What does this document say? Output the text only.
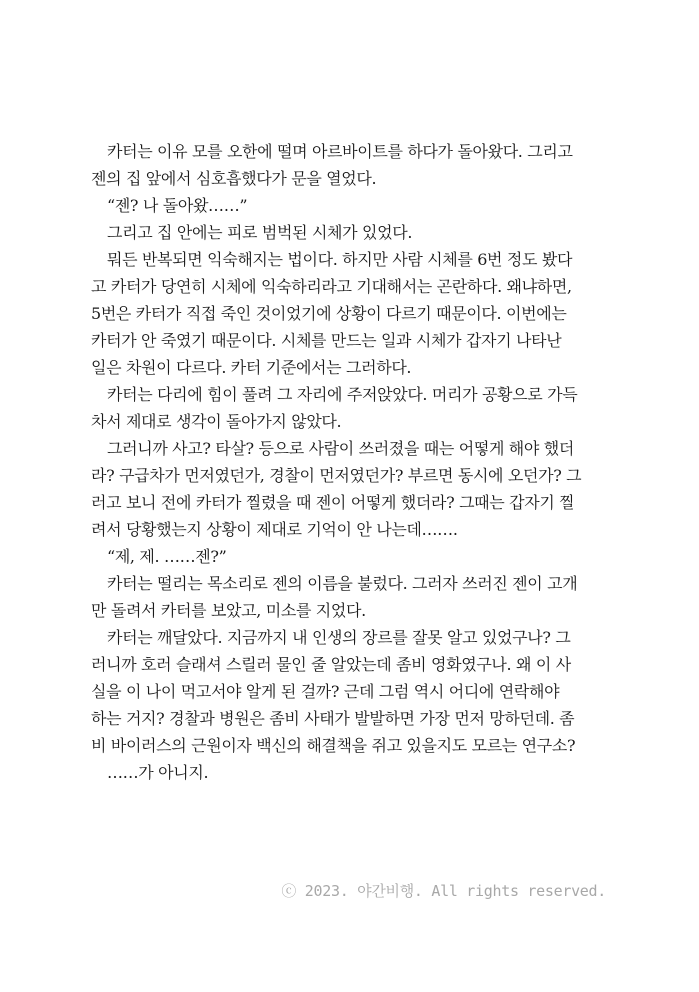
카터는 이유 모를 오한에 떨며 아르바이트를 하다가 돌아왔다. 그리고
젠의 집 앞에서 심호흡했다가 문을 열었다.
“젠? 나 돌아왔……”
그리고 집 안에는 피로 범벅된 시체가 있었다.
뭐든 반복되면 익숙해지는 법이다. 하지만 사람 시체를 6번 정도 봤다
고 카터가 당연히 시체에 익숙하리라고 기대해서는 곤란하다. 왜냐하면,
5번은 카터가 직접 죽인 것이었기에 상황이 다르기 때문이다. 이번에는
카터가 안 죽였기 때문이다. 시체를 만드는 일과 시체가 갑자기 나타난
일은 차원이 다르다. 카터 기준에서는 그러하다.
카터는 다리에 힘이 풀려 그 자리에 주저앉았다. 머리가 공황으로 가득
차서 제대로 생각이 돌아가지 않았다.
그러니까 사고? 타살? 등으로 사람이 쓰러졌을 때는 어떻게 해야 했더
라? 구급차가 먼저였던가, 경찰이 먼저였던가? 부르면 동시에 오던가? 그
러고 보니 전에 카터가 찔렸을 때 젠이 어떻게 했더라? 그때는 갑자기 찔
려서 당황했는지 상황이 제대로 기억이 안 나는데…….
“제, 제. ……젠?”
카터는 떨리는 목소리로 젠의 이름을 불렀다. 그러자 쓰러진 젠이 고개
만 돌려서 카터를 보았고, 미소를 지었다.
카터는 깨달았다. 지금까지 내 인생의 장르를 잘못 알고 있었구나? 그
러니까 호러 슬래셔 스릴러 물인 줄 알았는데 좀비 영화였구나. 왜 이 사
실을 이 나이 먹고서야 알게 된 걸까? 근데 그럼 역시 어디에 연락해야
하는 거지? 경찰과 병원은 좀비 사태가 발발하면 가장 먼저 망하던데. 좀
비 바이러스의 근원이자 백신의 해결책을 쥐고 있을지도 모르는 연구소?
……가 아니지.
ⓒ 2023. 야간비행. All rights reserved.
